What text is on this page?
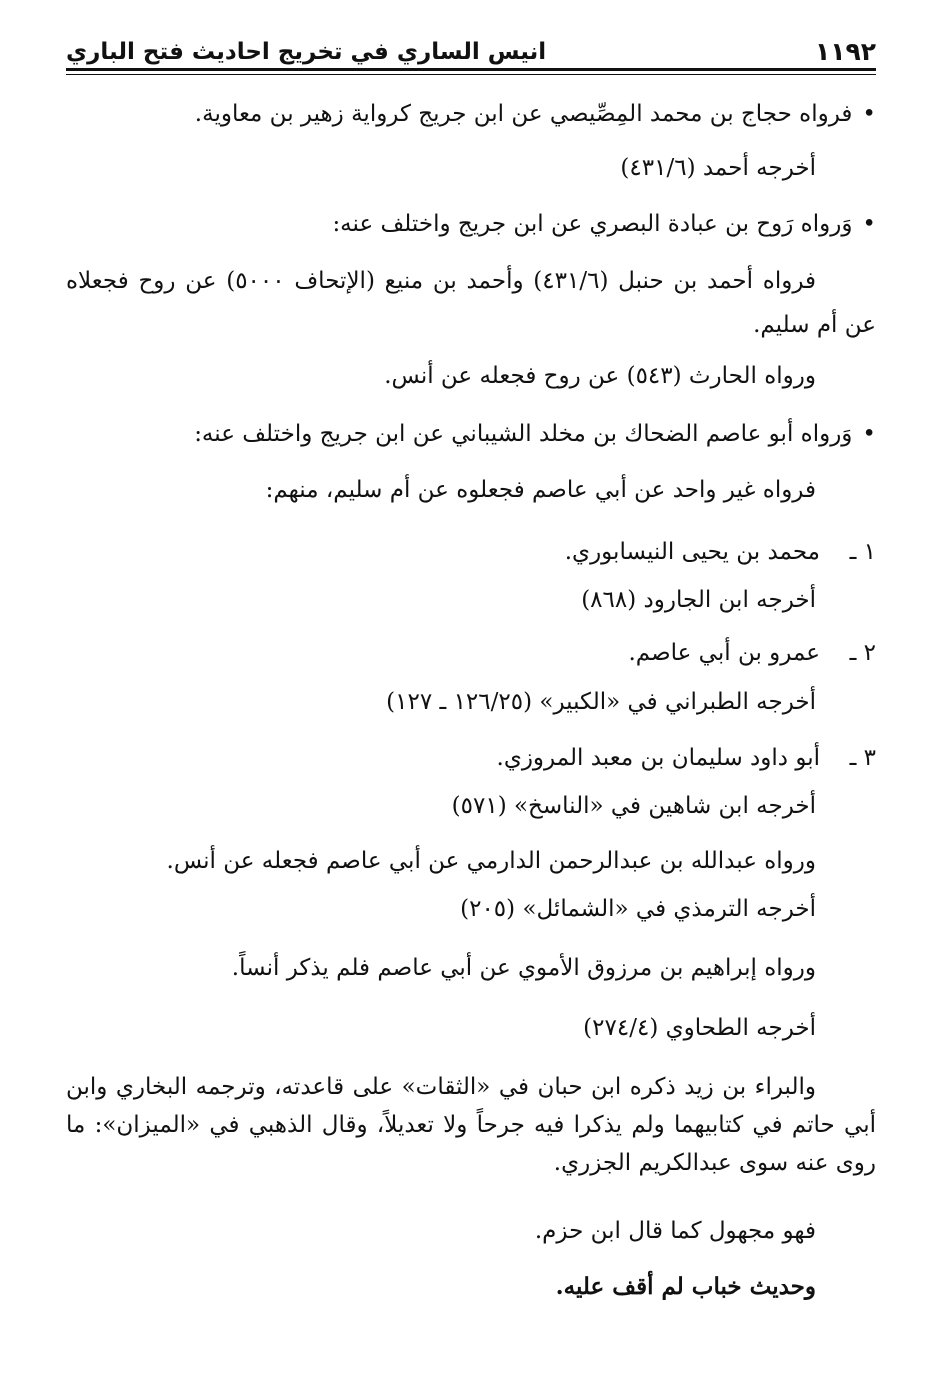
١١٩٢
انيس الساري في تخريج احاديث فتح الباري
•فرواه حجاج بن محمد المِصِّيصي عن ابن جريج كرواية زهير بن معاوية.
أخرجه أحمد (٤٣١/٦)
•وَرواه رَوح بن عبادة البصري عن ابن جريج واختلف عنه:
فرواه أحمد بن حنبل (٤٣١/٦) وأحمد بن منيع (الإتحاف ٥٠٠٠) عن روح فجعلاه عن أم سليم.
ورواه الحارث (٥٤٣) عن روح فجعله عن أنس.
•وَرواه أبو عاصم الضحاك بن مخلد الشيباني عن ابن جريج واختلف عنه:
فرواه غير واحد عن أبي عاصم فجعلوه عن أم سليم، منهم:
١ ـمحمد بن يحيى النيسابوري.
أخرجه ابن الجارود (٨٦٨)
٢ ـعمرو بن أبي عاصم.
أخرجه الطبراني في «الكبير» (١٢٦/٢٥ ـ ١٢٧)
٣ ـأبو داود سليمان بن معبد المروزي.
أخرجه ابن شاهين في «الناسخ» (٥٧١)
ورواه عبدالله بن عبدالرحمن الدارمي عن أبي عاصم فجعله عن أنس.
أخرجه الترمذي في «الشمائل» (٢٠٥)
ورواه إبراهيم بن مرزوق الأموي عن أبي عاصم فلم يذكر أنساً.
أخرجه الطحاوي (٢٧٤/٤)
والبراء بن زيد ذكره ابن حبان في «الثقات» على قاعدته، وترجمه البخاري وابن أبي حاتم في كتابيهما ولم يذكرا فيه جرحاً ولا تعديلاً، وقال الذهبي في «الميزان»: ما روى عنه سوى عبدالكريم الجزري.
فهو مجهول كما قال ابن حزم.
وحديث خباب لم أقف عليه.
